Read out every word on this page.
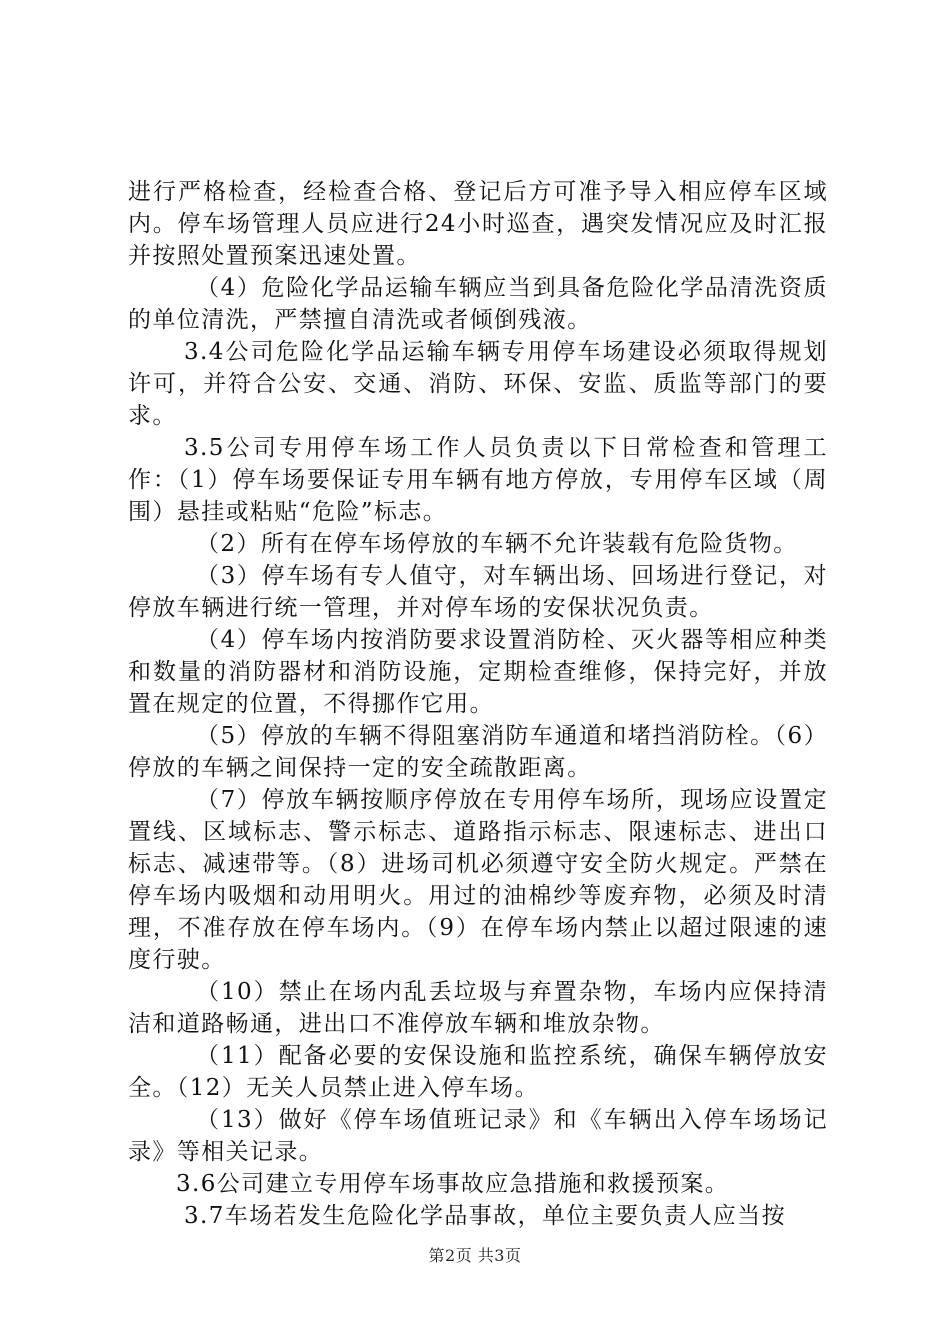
进行严格检查，经检查合格、登记后方可准予导入相应停车区域内。停车场管理人员应进行24小时巡查，遇突发情况应及时汇报并按照处置预案迅速处置。

（4）危险化学品运输车辆应当到具备危险化学品清洗资质的单位清洗，严禁擅自清洗或者倾倒残液。

3.4公司危险化学品运输车辆专用停车场建设必须取得规划许可，并符合公安、交通、消防、环保、安监、质监等部门的要求。

3.5公司专用停车场工作人员负责以下日常检查和管理工作：（1）停车场要保证专用车辆有地方停放，专用停车区域（周围）悬挂或粘贴“危险”标志。

（2）所有在停车场停放的车辆不允许装载有危险货物。

（3）停车场有专人值守，对车辆出场、回场进行登记，对停放车辆进行统一管理，并对停车场的安保状况负责。

（4）停车场内按消防要求设置消防栓、灭火器等相应种类和数量的消防器材和消防设施，定期检查维修，保持完好，并放置在规定的位置，不得挪作它用。

（5）停放的车辆不得阻塞消防车通道和堵挡消防栓。（6）停放的车辆之间保持一定的安全疏散距离。

（7）停放车辆按顺序停放在专用停车场所，现场应设置定置线、区域标志、警示标志、道路指示标志、限速标志、进出口标志、减速带等。（8）进场司机必须遵守安全防火规定。严禁在停车场内吸烟和动用明火。用过的油棉纱等废弃物，必须及时清理，不准存放在停车场内。（9）在停车场内禁止以超过限速的速度行驶。

（10）禁止在场内乱丢垃圾与弃置杂物，车场内应保持清洁和道路畅通，进出口不准停放车辆和堆放杂物。

（11）配备必要的安保设施和监控系统，确保车辆停放安全。（12）无关人员禁止进入停车场。

（13）做好《停车场值班记录》和《车辆出入停车场场记录》等相关记录。

3.6公司建立专用停车场事故应急措施和救援预案。

3.7车场若发生危险化学品事故，单位主要负责人应当按

第2页 共3页
